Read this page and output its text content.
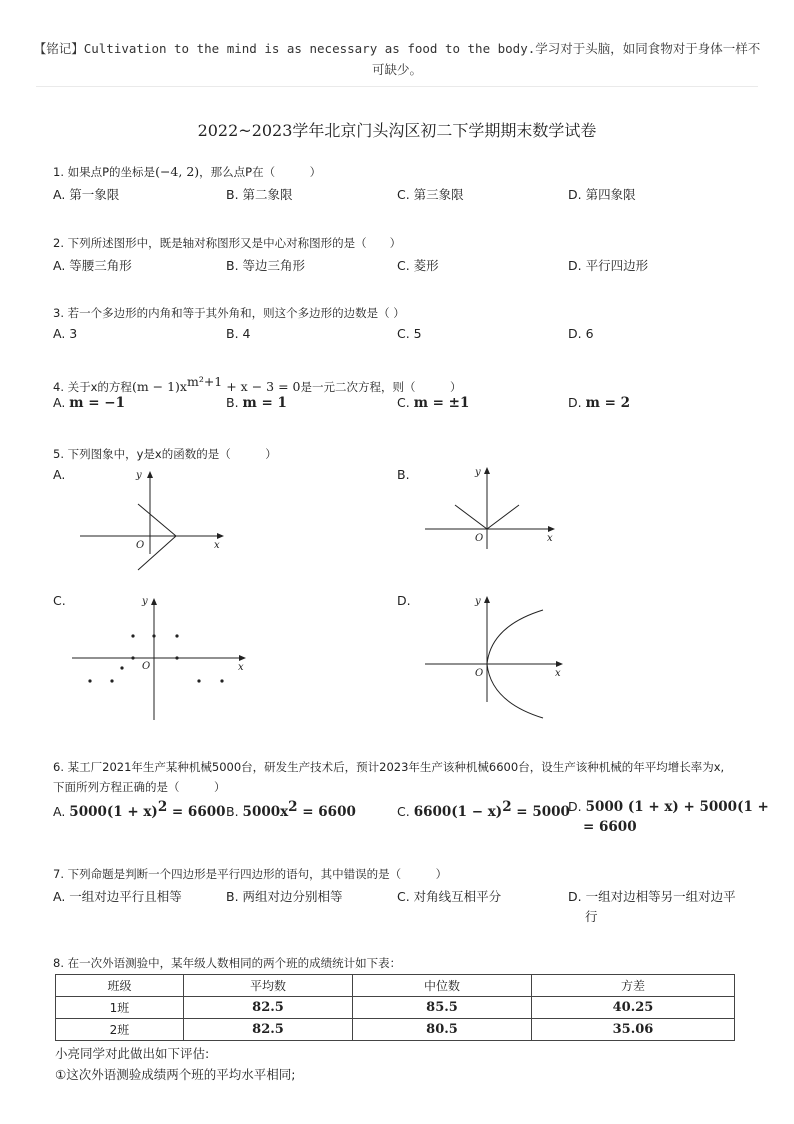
【铭记】Cultivation to the mind is as necessary as food to the body.学习对于头脑，如同食物对于身体一样不可缺少。
2022~2023学年北京门头沟区初二下学期期末数学试卷
1. 如果点P的坐标是(−4, 2)，那么点P在（　　　）
A. 第一象限	B. 第二象限	C. 第三象限	D. 第四象限
2. 下列所述图形中，既是轴对称图形又是中心对称图形的是（　　）
A. 等腰三角形	B. 等边三角形	C. 菱形	D. 平行四边形
3. 若一个多边形的内角和等于其外角和，则这个多边形的边数是（ ）
A. 3	B. 4	C. 5	D. 6
4. 关于x的方程$(m - 1)x^{m^2+1} + x - 3 = 0$是一元二次方程，则（　　　）
A. m = −1	B. m = 1	C. m = ±1	D. m = 2
5. 下列图象中，y是x的函数的是（　　　）
A.	B.
C.	D.
x
y
O
x
y
O
x
y
O
x
y
O
6. 某工厂2021年生产某种机械5000台，研发生产技术后，预计2023年生产该种机械6600台，设生产该种机械的年平均增长率为x,
下面所列方程正确的是（　　　）
A. $5000(1 + x)^2 = 6600$ B. $5000x^2 = 6600$	C. $6600(1 - x)^2 = 5000$
D. 5000 (1 + x) + 5000(1 +
= 6600
7. 下列命题是判断一个四边形是平行四边形的语句，其中错误的是（　　　）
A. 一组对边平行且相等	B. 两组对边分别相等	C. 对角线互相平分	D. 一组对边相等另一组对边平
行
8. 在一次外语测验中，某年级人数相同的两个班的成绩统计如下表：
班级	平均数	中位数	方差
1班	82.5	85.5	40.25
2班	82.5	80.5	35.06
小亮同学对此做出如下评估:
①这次外语测验成绩两个班的平均水平相同;
